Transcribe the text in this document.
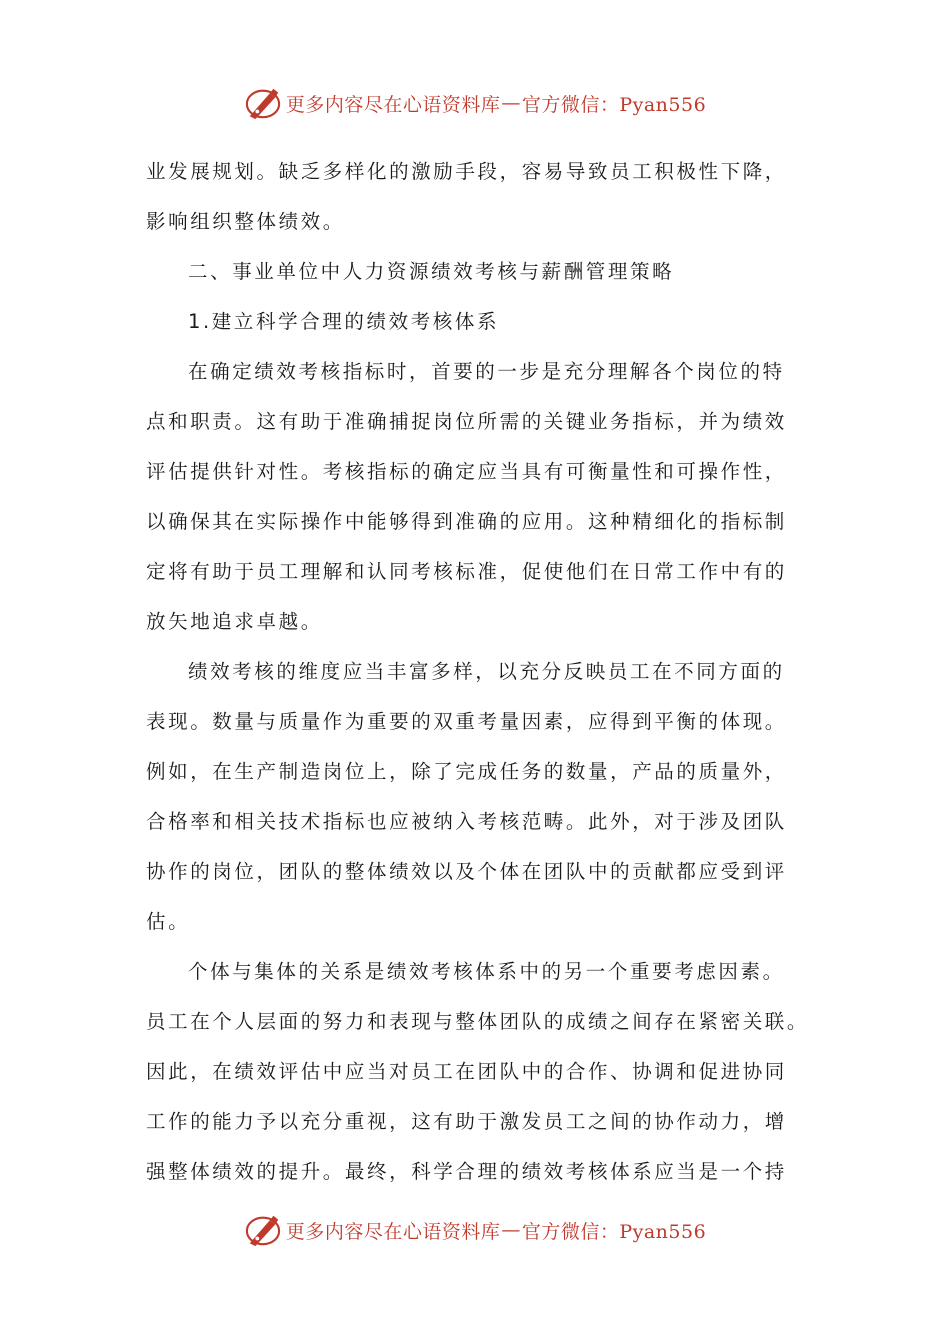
更多内容尽在心语资料库 — 官方微信：Pyan556
业发展规划。缺乏多样化的激励手段，容易导致员工积极性下降，
影响组织整体绩效。
二、事业单位中人力资源绩效考核与薪酬管理策略
1.建立科学合理的绩效考核体系
在确定绩效考核指标时，首要的一步是充分理解各个岗位的特
点和职责。这有助于准确捕捉岗位所需的关键业务指标，并为绩效
评估提供针对性。考核指标的确定应当具有可衡量性和可操作性，
以确保其在实际操作中能够得到准确的应用。这种精细化的指标制
定将有助于员工理解和认同考核标准，促使他们在日常工作中有的
放矢地追求卓越。
绩效考核的维度应当丰富多样，以充分反映员工在不同方面的
表现。数量与质量作为重要的双重考量因素，应得到平衡的体现。
例如，在生产制造岗位上，除了完成任务的数量，产品的质量外，
合格率和相关技术指标也应被纳入考核范畴。此外，对于涉及团队
协作的岗位，团队的整体绩效以及个体在团队中的贡献都应受到评
估。
个体与集体的关系是绩效考核体系中的另一个重要考虑因素。
员工在个人层面的努力和表现与整体团队的成绩之间存在紧密关联。
因此，在绩效评估中应当对员工在团队中的合作、协调和促进协同
工作的能力予以充分重视，这有助于激发员工之间的协作动力，增
强整体绩效的提升。最终，科学合理的绩效考核体系应当是一个持
更多内容尽在心语资料库 — 官方微信：Pyan556
